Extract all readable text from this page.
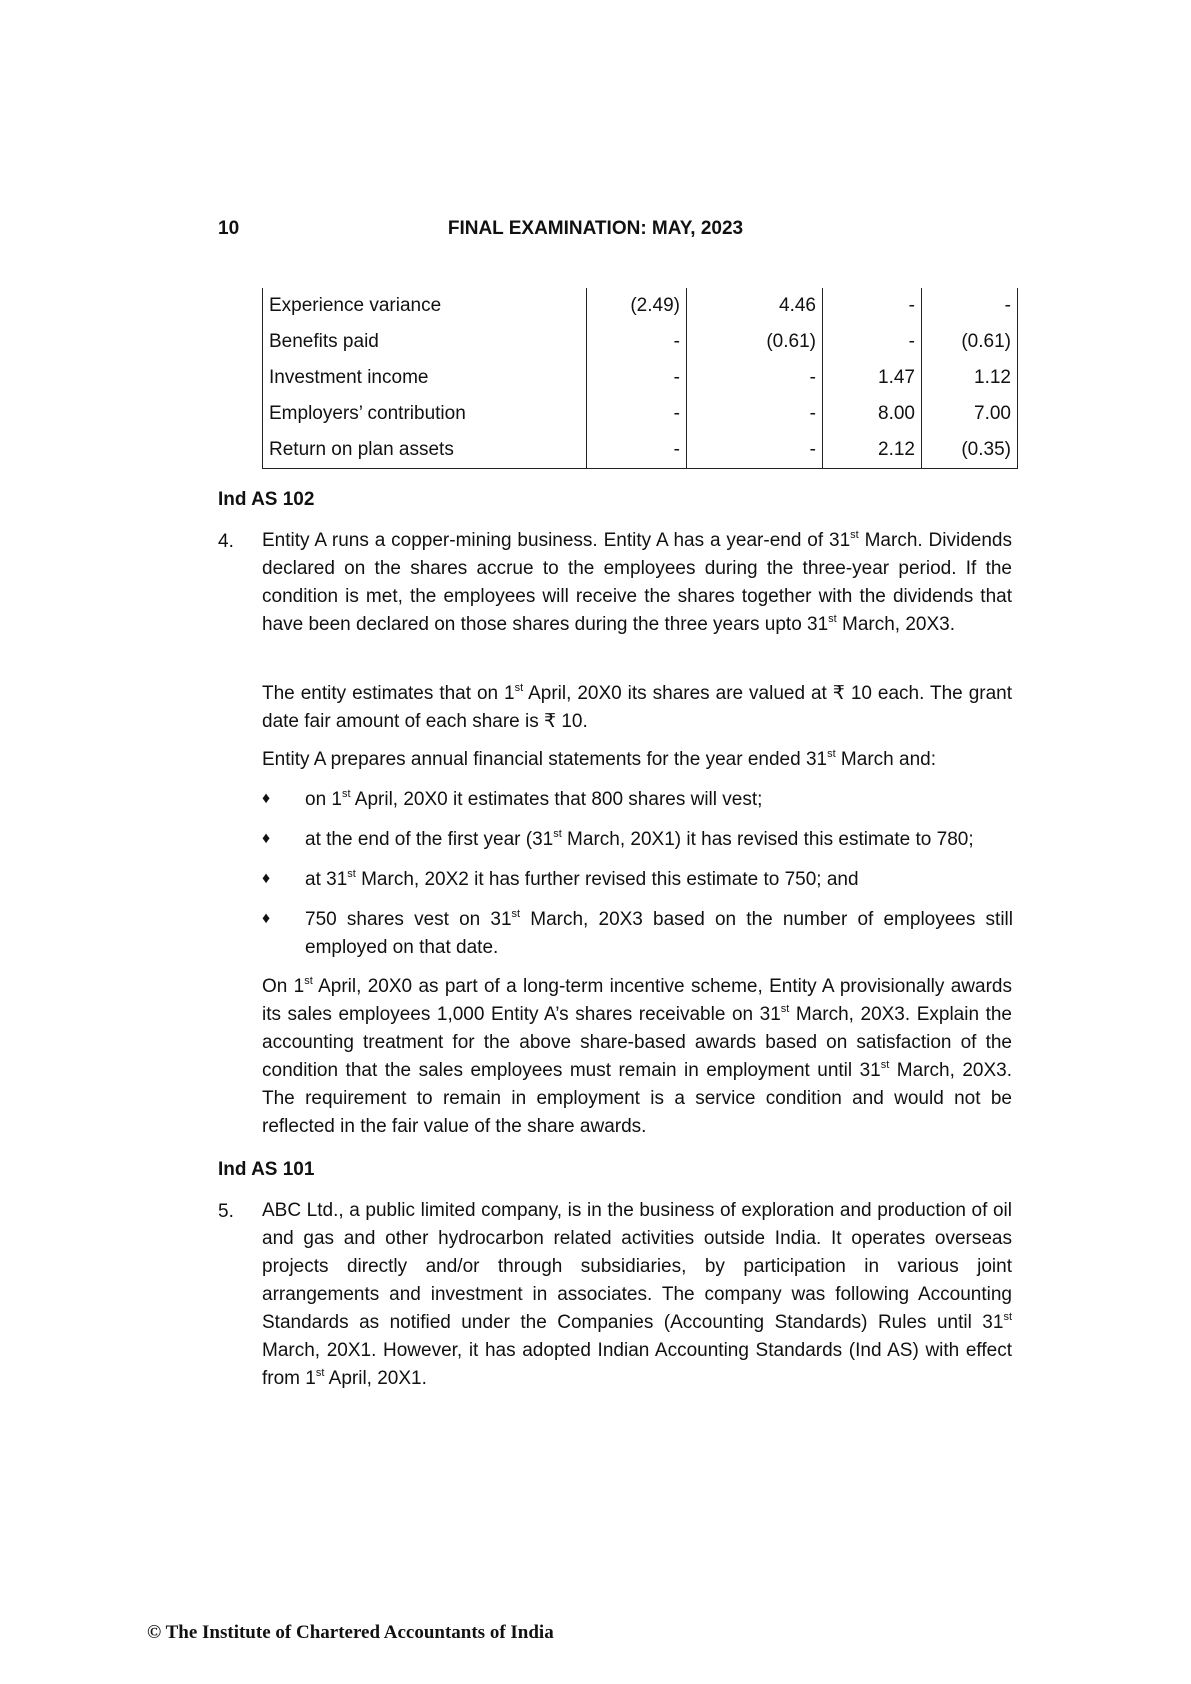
10	FINAL EXAMINATION: MAY, 2023
Experience variance	(2.49)	4.46	-	-
Benefits paid	-	(0.61)	-	(0.61)
Investment income	-	-	1.47	1.12
Employers’ contribution	-	-	8.00	7.00
Return on plan assets	-	-	2.12	(0.35)
Ind AS 102
4. Entity A runs a copper-mining business. Entity A has a year-end of 31st March. Dividends declared on the shares accrue to the employees during the three-year period. If the condition is met, the employees will receive the shares together with the dividends that have been declared on those shares during the three years upto 31st March, 20X3.
The entity estimates that on 1st April, 20X0 its shares are valued at ₹ 10 each. The grant date fair amount of each share is ₹ 10.
Entity A prepares annual financial statements for the year ended 31st March and:
♦ on 1st April, 20X0 it estimates that 800 shares will vest;
♦ at the end of the first year (31st March, 20X1) it has revised this estimate to 780;
♦ at 31st March, 20X2 it has further revised this estimate to 750; and
♦ 750 shares vest on 31st March, 20X3 based on the number of employees still employed on that date.
On 1st April, 20X0 as part of a long-term incentive scheme, Entity A provisionally awards its sales employees 1,000 Entity A’s shares receivable on 31st March, 20X3. Explain the accounting treatment for the above share-based awards based on satisfaction of the condition that the sales employees must remain in employment until 31st March, 20X3. The requirement to remain in employment is a service condition and would not be reflected in the fair value of the share awards.
Ind AS 101
5. ABC Ltd., a public limited company, is in the business of exploration and production of oil and gas and other hydrocarbon related activities outside India. It operates overseas projects directly and/or through subsidiaries, by participation in various joint arrangements and investment in associates. The company was following Accounting Standards as notified under the Companies (Accounting Standards) Rules until 31st March, 20X1. However, it has adopted Indian Accounting Standards (Ind AS) with effect from 1st April, 20X1.
© The Institute of Chartered Accountants of India
